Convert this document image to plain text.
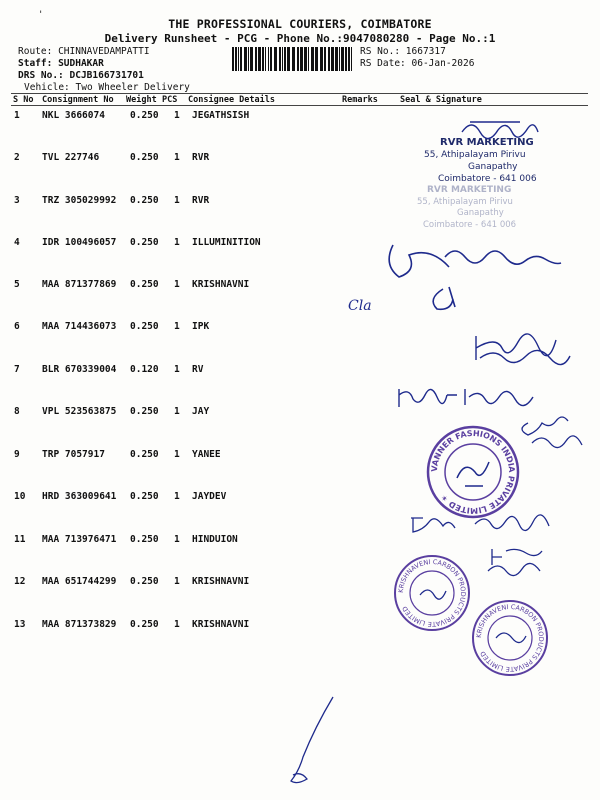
'
THE PROFESSIONAL COURIERS, COIMBATORE
Delivery Runsheet - PCG - Phone No.:9047080280 - Page No.:1
Route: CHINNAVEDAMPATTI
Staff: SUDHAKAR
DRS No.: DCJB166731701
Vehicle: Two Wheeler Delivery
RS No.: 1667317
RS Date: 06-Jan-2026
S No Consignment No Weight PCS Consignee Details	Remarks	Seal & Signature
1 NKL 3666074	0.250 1 JEGATHSISH
2 TVL 227746	0.250 1 RVR
3 TRZ 305029992 0.250 1 RVR
4 IDR 100496057 0.250 1 ILLUMINITION
5 MAA 871377869 0.250 1 KRISHNAVNI
6 MAA 714436073 0.250 1 IPK
7 BLR 670339004 0.120 1 RV
8 VPL 523563875 0.250 1 JAY
9 TRP 7057917	0.250 1 YANEE
10 HRD 363009641 0.250 1 JAYDEV
11 MAA 713976471 0.250 1 HINDUION
12 MAA 651744299 0.250 1 KRISHNAVNI
13 MAA 871373829 0.250 1 KRISHNAVNI
RVR MARKETING
55, Athipalayam Pirivu
Ganapathy
Coimbatore - 641 006
RVR MARKETING
55, Athipalayam Pirivu
Ganapathy
Coimbatore - 641 006
Cla
VANNER FASHIONS INDIA PRIVATE LIMITED ✶
KRISHNAVENI CARBON PRODUCTS PRIVATE LIMITED
KRISHNAVENI CARBON PRODUCTS PRIVATE LIMITED
